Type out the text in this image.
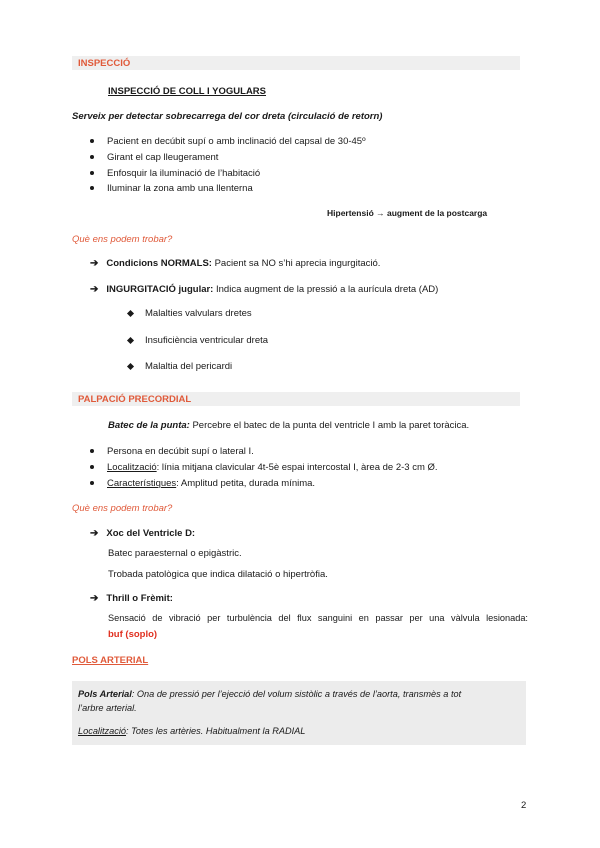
INSPECCIÓ
INSPECCIÓ DE COLL I YOGULARS
Serveix per detectar sobrecarrega del cor dreta (circulació de retorn)
Pacient en decúbit supí o amb inclinació del capsal de 30-45º
Girant el cap lleugerament
Enfosquir la iluminació de l’habitació
Iluminar la zona amb una llenterna
Hipertensió → augment de la postcarga
Què ens podem trobar?
➔ Condicions NORMALS: Pacient sa NO s’hi aprecia ingurgitació.
➔ INGURGITACIÓ jugular: Indica augment de la pressió a la aurícula dreta (AD)
Malalties valvulars dretes
Insuficiència ventricular dreta
Malaltia del pericardi
PALPACIÓ PRECORDIAL
Batec de la punta: Percebre el batec de la punta del ventricle I amb la paret toràcica.
Persona en decúbit supí o lateral I.
Localització: línia mitjana clavicular 4t-5è espai intercostal I, àrea de 2-3 cm Ø.
Característiques: Amplitud petita, durada mínima.
Què ens podem trobar?
➔ Xoc del Ventricle D:
Batec paraesternal o epigàstric.
Trobada patològica que indica dilatació o hipertròfia.
➔ Thrill o Frèmit:
Sensació de vibració per turbulència del flux sanguini en passar per una vàlvula lesionada:
buf (soplo)
POLS ARTERIAL
Pols Arterial: Ona de pressió per l’ejecció del volum sistòlic a través de l’aorta, transmès a tot
l’arbre arterial.
Localització: Totes les artèries. Habitualment la RADIAL
2
